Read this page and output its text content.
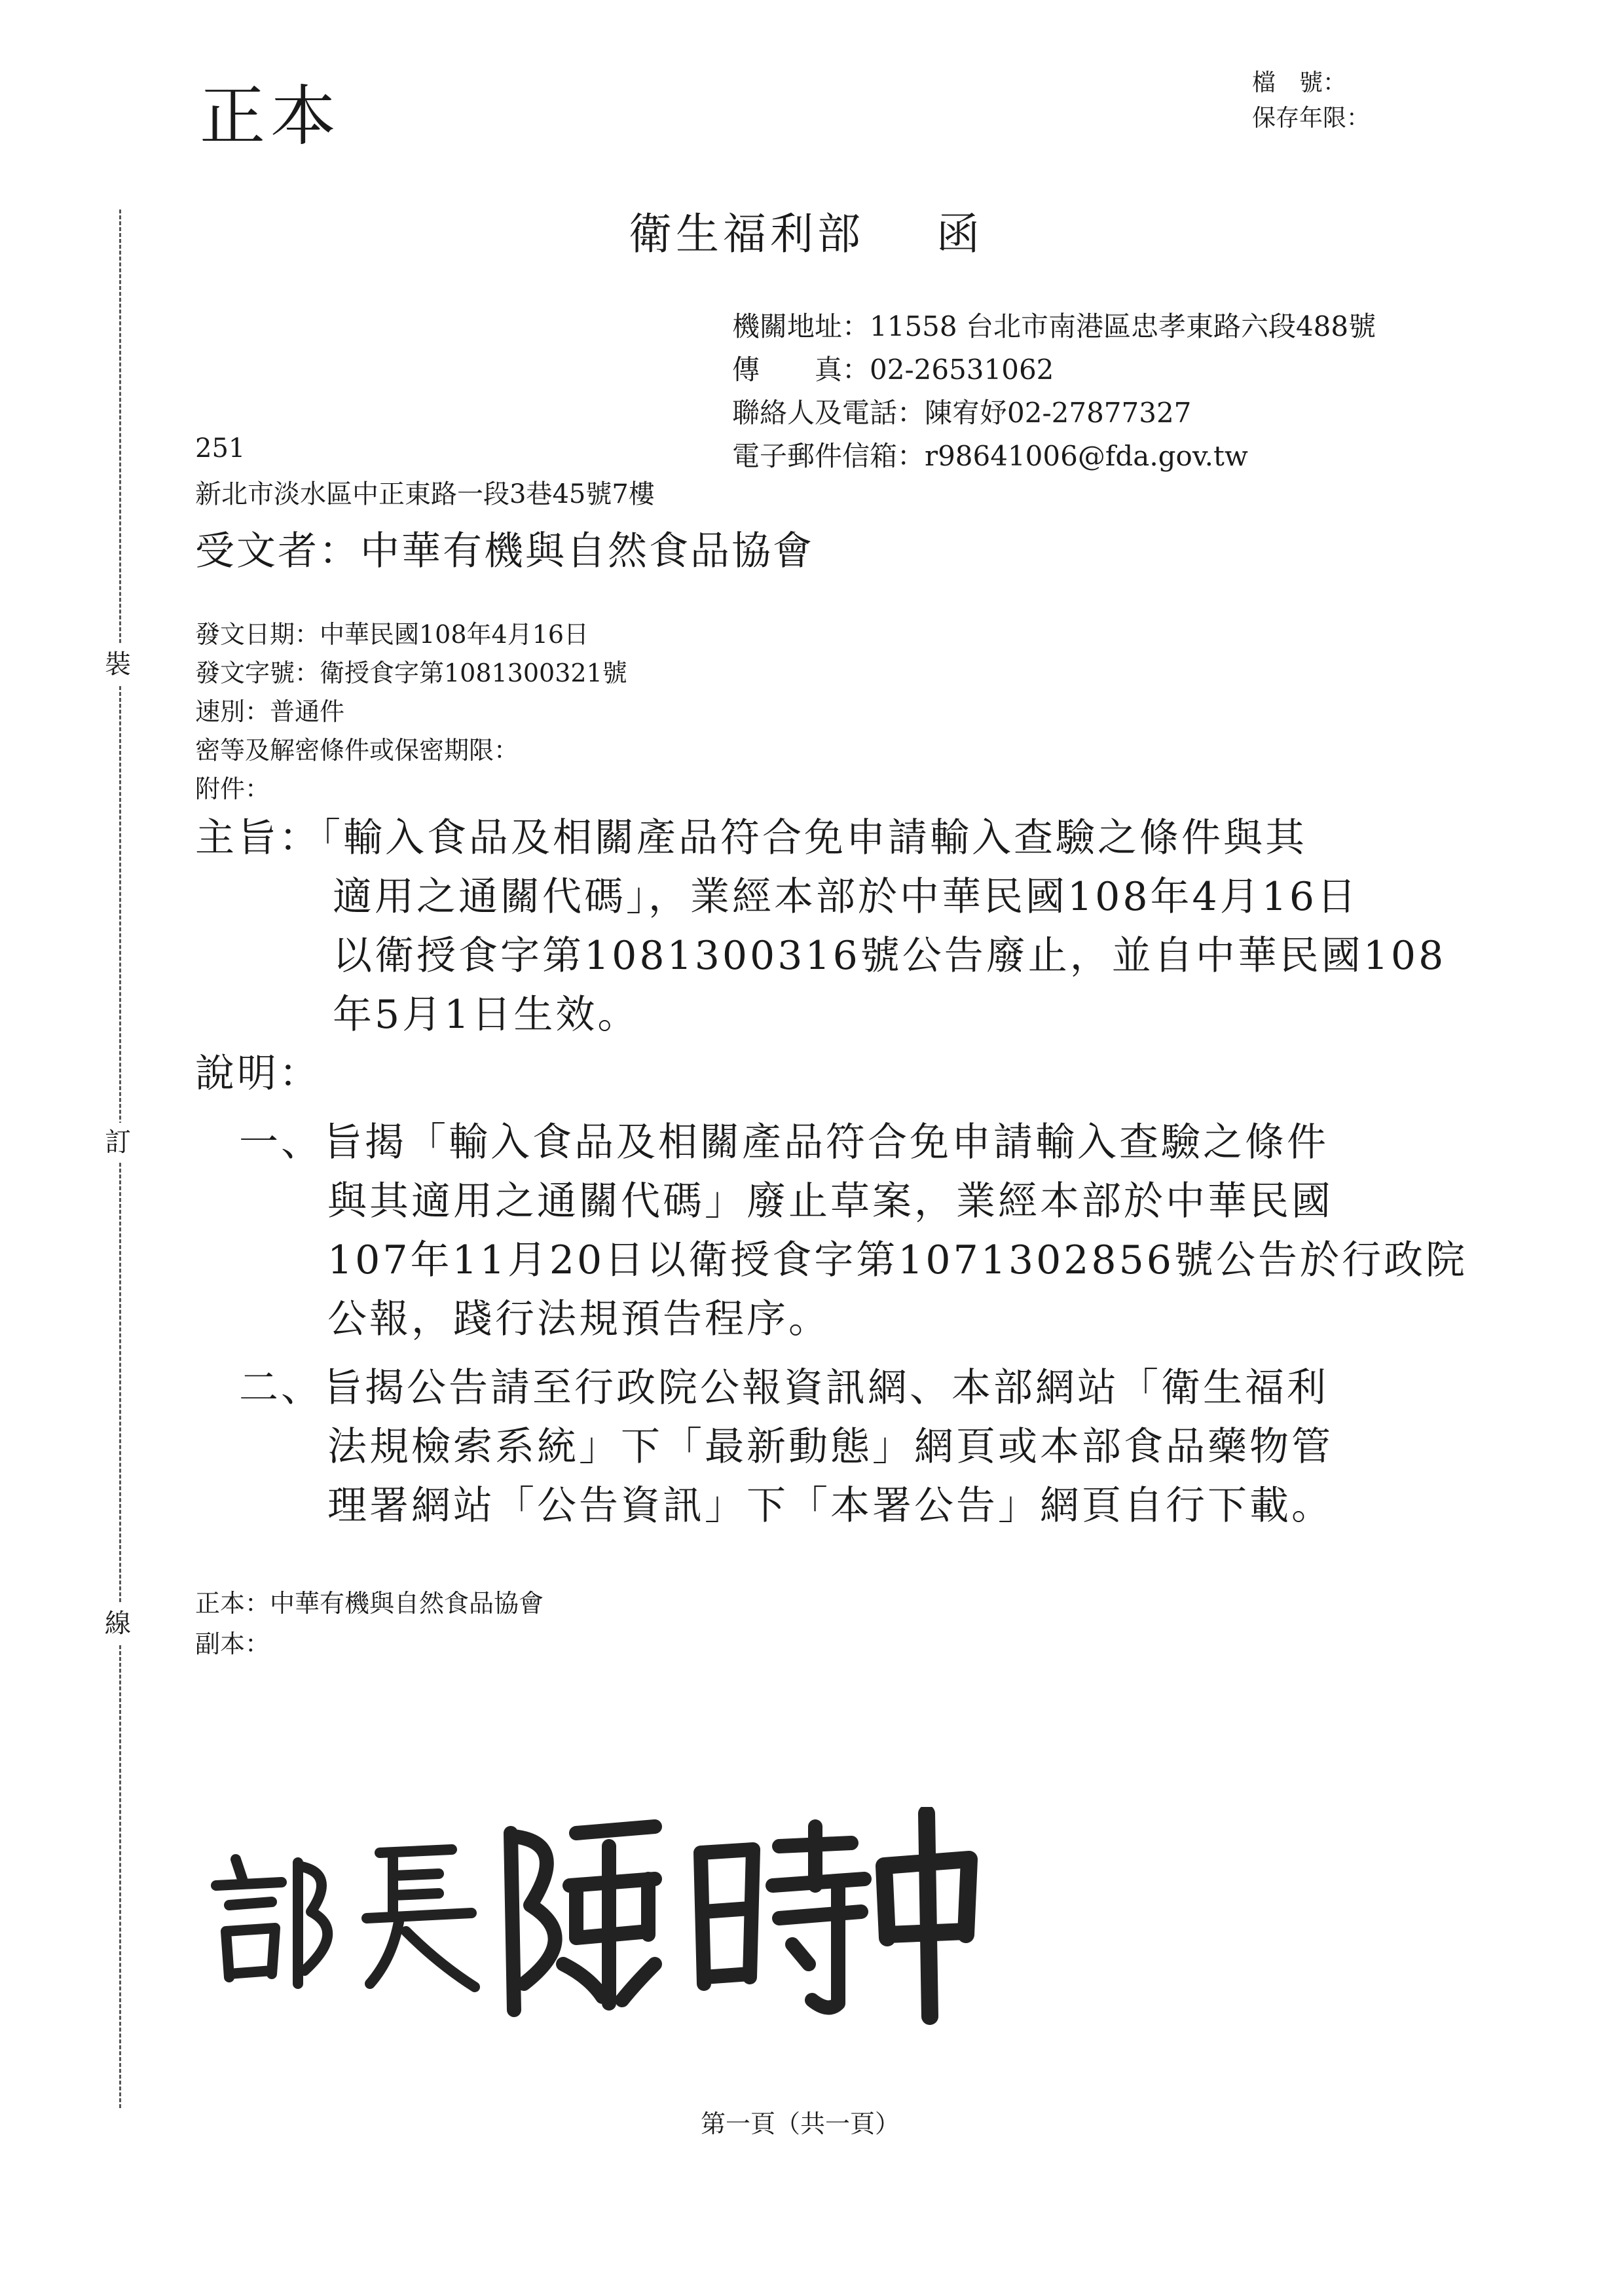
正本	檔　號：
保存年限：
裝
訂
線
衛生福利部 函
機關地址：11558 台北市南港區忠孝東路六段488號
傳　　真：02-26531062
聯絡人及電話：陳宥妤02-27877327
電子郵件信箱：r98641006@fda.gov.tw
251
新北市淡水區中正東路一段3巷45號7樓
受文者：中華有機與自然食品協會
發文日期：中華民國108年4月16日
發文字號：衛授食字第1081300321號
速別：普通件
密等及解密條件或保密期限：
附件：
主旨：「輸入食品及相關產品符合免申請輸入查驗之條件與其
適用之通關代碼」，業經本部於中華民國108年4月16日
以衛授食字第1081300316號公告廢止，並自中華民國108
年5月1日生效。
說明：
一、旨揭「輸入食品及相關產品符合免申請輸入查驗之條件
與其適用之通關代碼」廢止草案，業經本部於中華民國
107年11月20日以衛授食字第1071302856號公告於行政院
公報，踐行法規預告程序。
二、旨揭公告請至行政院公報資訊網、本部網站「衛生福利
法規檢索系統」下「最新動態」網頁或本部食品藥物管
理署網站「公告資訊」下「本署公告」網頁自行下載。
正本：中華有機與自然食品協會
副本：
第一頁（共一頁）
